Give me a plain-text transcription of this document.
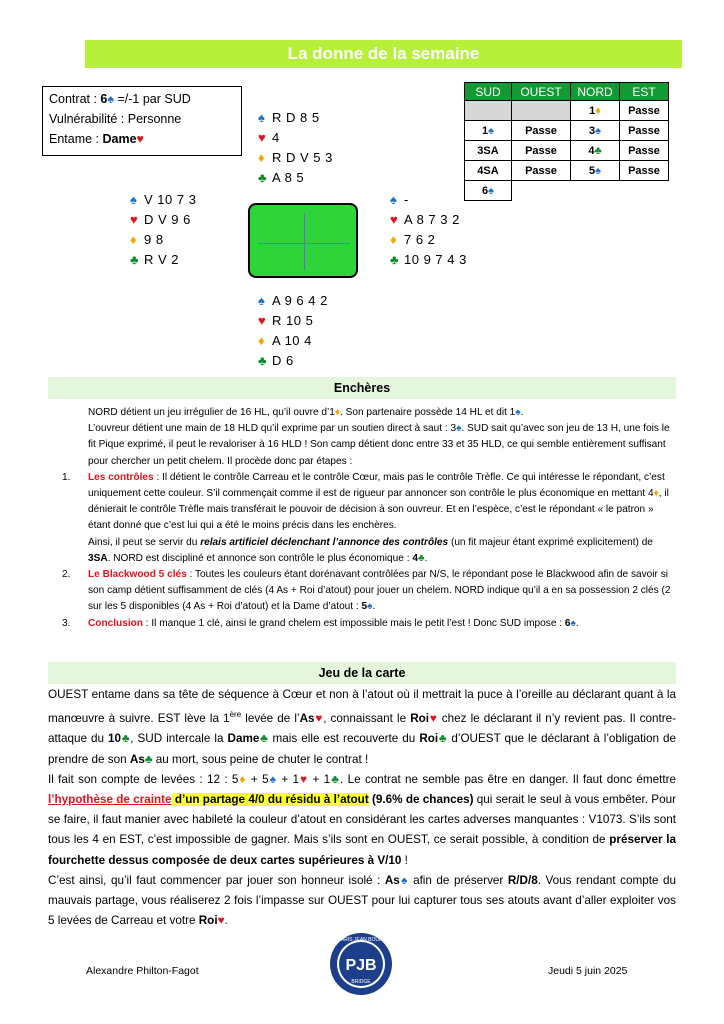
La donne de la semaine
Contrat : 6♠ =/-1 par SUD
Vulnérabilité : Personne
Entame : Dame♥
♠ R D 8 5
♥ 4
♦ R D V 5 3
♣ A 8 5
♠ V 10 7 3
♥ D V 9 6
♦ 9 8
♣ R V 2
♠ -
♥ A 8 7 3 2
♦ 7 6 2
♣ 10 9 7 4 3
♠ A 9 6 4 2
♥ R 10 5
♦ A 10 4
♣ D 6
SUD	OUEST	NORD	EST
		1♦	Passe
1♠	Passe	3♠	Passe
3SA	Passe	4♣	Passe
4SA	Passe	5♠	Passe
6♠			
Enchères

NORD détient un jeu irrégulier de 16 HL, qu’il ouvre d’1♦. Son partenaire possède 14 HL et dit 1♠.

L’ouvreur détient une main de 18 HLD qu’il exprime par un soutien direct à saut : 3♠. SUD sait qu’avec son jeu de 13 H, une fois le fit Pique exprimé, il peut le revaloriser à 16 HLD ! Son camp détient donc entre 33 et 35 HLD, ce qui semble entièrement suffisant pour chercher un petit chelem. Il procède donc par étapes :

1. Les contrôles : Il détient le contrôle Carreau et le contrôle Cœur, mais pas le contrôle Trèfle. Ce qui intéresse le répondant, c’est uniquement cette couleur. S’il commençait comme il est de rigueur par annoncer son contrôle le plus économique en mettant 4♦, il dénierait le contrôle Trèfle mais transférait le pouvoir de décision à son ouvreur. Et en l’espèce, c’est le répondant « le patron » étant donné que c’est lui qui a été le moins précis dans les enchères.
Ainsi, il peut se servir du relais artificiel déclenchant l’annonce des contrôles (un fit majeur étant exprimé explicitement) de 3SA. NORD est discipliné et annonce son contrôle le plus économique : 4♣.
2. Le Blackwood 5 clés : Toutes les couleurs étant dorénavant contrôlées par N/S, le répondant pose le Blackwood afin de savoir si son camp détient suffisamment de clés (4 As + Roi d’atout) pour jouer un chelem. NORD indique qu’il a en sa possession 2 clés (2 sur les 5 disponibles (4 As + Roi d’atout) et la Dame d’atout : 5♠.
3. Conclusion : Il manque 1 clé, ainsi le grand chelem est impossible mais le petit l’est ! Donc SUD impose : 6♠.
Jeu de la carte
OUEST entame dans sa tête de séquence à Cœur et non à l’atout où il mettrait la puce à l’oreille au déclarant quant à la manœuvre à suivre. EST lève la 1ère levée de l’As♥, connaissant le Roi♥ chez le déclarant il n’y revient pas. Il contre-attaque du 10♣, SUD intercale la Dame♣ mais elle est recouverte du Roi♣ d’OUEST que le déclarant à l’obligation de prendre de son As♣ au mort, sous peine de chuter le contrat !
Il fait son compte de levées : 12 : 5♦ + 5♠ + 1♥ + 1♣. Le contrat ne semble pas être en danger. Il faut donc émettre l’hypothèse de crainte d’un partage 4/0 du résidu à l’atout (9.6% de chances) qui serait le seul à vous embêter. Pour se faire, il faut manier avec habileté la couleur d’atout en considérant les cartes adverses manquantes : V1073. S’ils sont tous les 4 en EST, c’est impossible de gagner. Mais s’ils sont en OUEST, ce serait possible, à condition de préserver la fourchette dessus composée de deux cartes supérieures à V/10 !
C’est ainsi, qu’il faut commencer par jouer son honneur isolé : As♠ afin de préserver R/D/8. Vous rendant compte du mauvais partage, vous réaliserez 2 fois l’impasse sur OUEST pour lui capturer tous ses atouts avant d’aller exploiter vos 5 levées de Carreau et votre Roi♥.
Alexandre Philton-Fagot	PJB
PARIS JEAN BOUIN
BRIDGE
Jeudi 5 juin 2025
